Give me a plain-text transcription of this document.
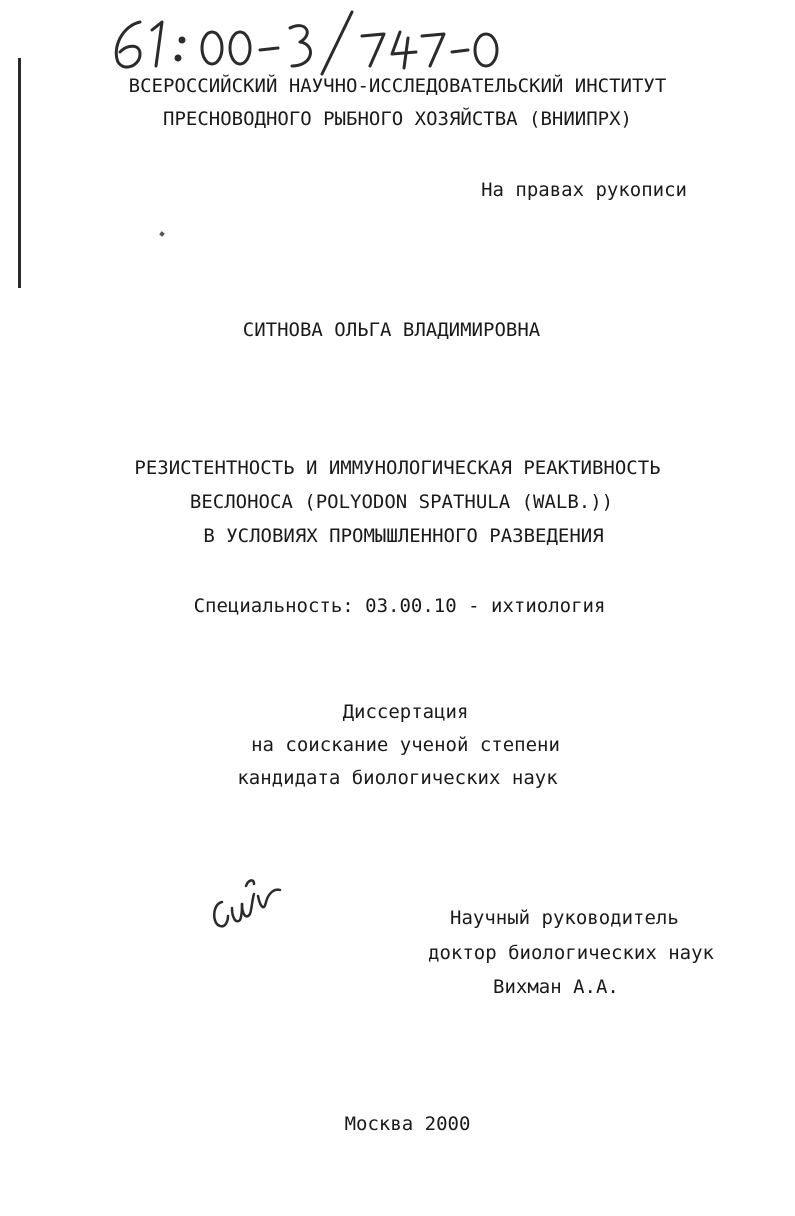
ВСЕРОССИЙСКИЙ НАУЧНО-ИССЛЕДОВАТЕЛЬСКИЙ ИНСТИТУТ
ПРЕСНОВОДНОГО РЫБНОГО ХОЗЯЙСТВА (ВНИИПРХ)
На правах рукописи
СИТНОВА ОЛЬГА ВЛАДИМИРОВНА
РЕЗИСТЕНТНОСТЬ И ИММУНОЛОГИЧЕСКАЯ РЕАКТИВНОСТЬ
ВЕСЛОНОСА (POLYODON SPATHULA (WALB.))
В УСЛОВИЯХ ПРОМЫШЛЕННОГО РАЗВЕДЕНИЯ
Специальность: 03.00.10 - ихтиология
Диссертация
на соискание ученой степени
кандидата биологических наук
Научный руководитель
доктор биологических наук
Вихман А.А.
Москва 2000
